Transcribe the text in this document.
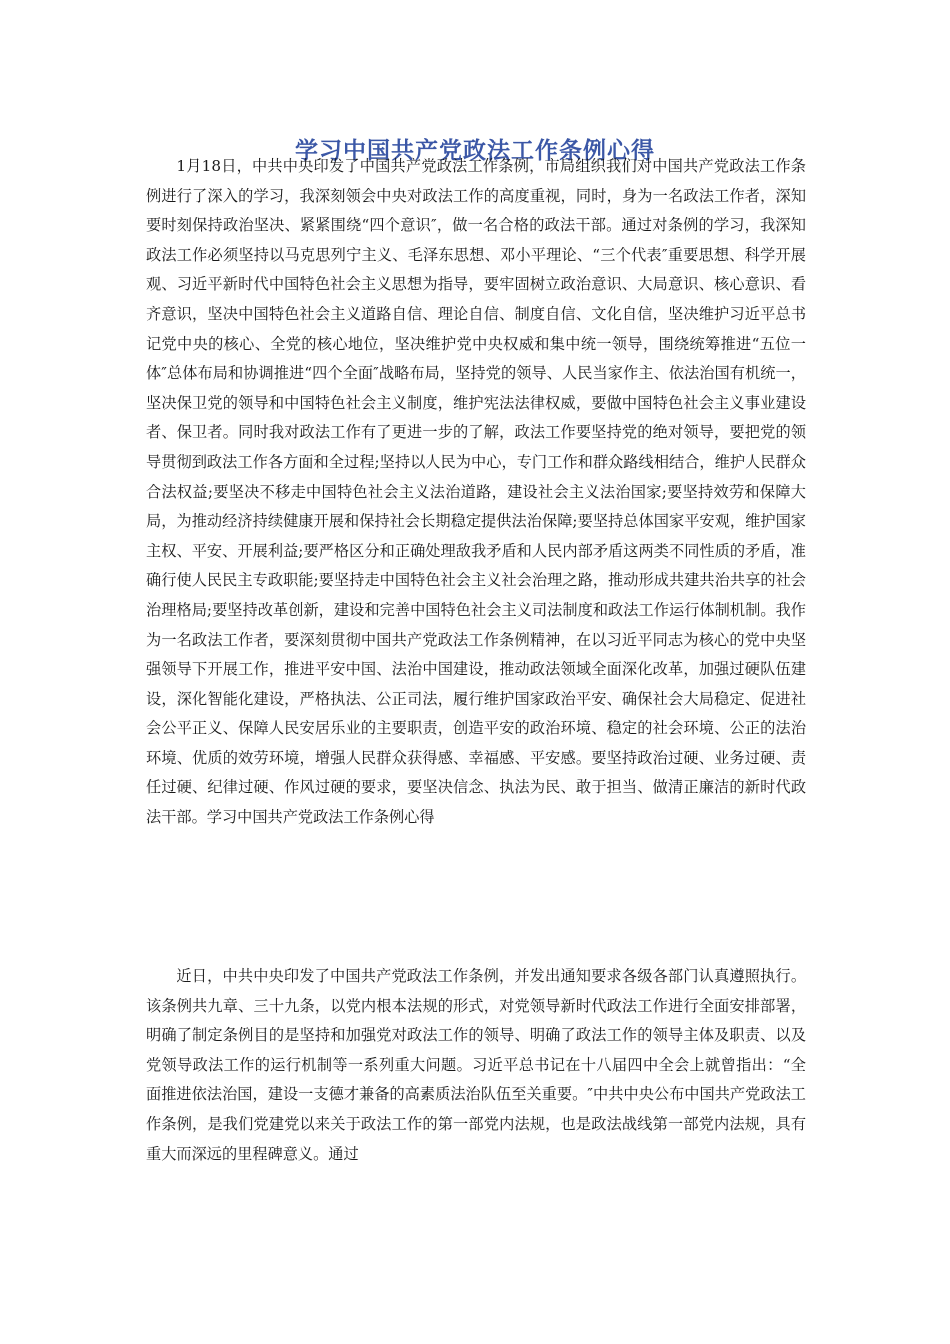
学习中国共产党政法工作条例心得

1月18日，中共中央印发了中国共产党政法工作条例，市局组织我们对中国共产党政法工作条例进行了深入的学习，我深刻领会中央对政法工作的高度重视，同时，身为一名政法工作者，深知要时刻保持政治坚决、紧紧围绕“四个意识″，做一名合格的政法干部。通过对条例的学习，我深知政法工作必须坚持以马克思列宁主义、毛泽东思想、邓小平理论、“三个代表″重要思想、科学开展观、习近平新时代中国特色社会主义思想为指导，要牢固树立政治意识、大局意识、核心意识、看齐意识，坚决中国特色社会主义道路自信、理论自信、制度自信、文化自信，坚决维护习近平总书记党中央的核心、全党的核心地位，坚决维护党中央权威和集中统一领导，围绕统筹推进“五位一体″总体布局和协调推进“四个全面″战略布局，坚持党的领导、人民当家作主、依法治国有机统一，坚决保卫党的领导和中国特色社会主义制度，维护宪法法律权威，要做中国特色社会主义事业建设者、保卫者。同时我对政法工作有了更进一步的了解，政法工作要坚持党的绝对领导，要把党的领导贯彻到政法工作各方面和全过程;坚持以人民为中心，专门工作和群众路线相结合，维护人民群众合法权益;要坚决不移走中国特色社会主义法治道路，建设社会主义法治国家;要坚持效劳和保障大局，为推动经济持续健康开展和保持社会长期稳定提供法治保障;要坚持总体国家平安观，维护国家主权、平安、开展利益;要严格区分和正确处理敌我矛盾和人民内部矛盾这两类不同性质的矛盾，准确行使人民民主专政职能;要坚持走中国特色社会主义社会治理之路，推动形成共建共治共享的社会治理格局;要坚持改革创新，建设和完善中国特色社会主义司法制度和政法工作运行体制机制。我作为一名政法工作者，要深刻贯彻中国共产党政法工作条例精神，在以习近平同志为核心的党中央坚强领导下开展工作，推进平安中国、法治中国建设，推动政法领域全面深化改革，加强过硬队伍建设，深化智能化建设，严格执法、公正司法，履行维护国家政治平安、确保社会大局稳定、促进社会公平正义、保障人民安居乐业的主要职责，创造平安的政治环境、稳定的社会环境、公正的法治环境、优质的效劳环境，增强人民群众获得感、幸福感、平安感。要坚持政治过硬、业务过硬、责任过硬、纪律过硬、作风过硬的要求，要坚决信念、执法为民、敢于担当、做清正廉洁的新时代政法干部。学习中国共产党政法工作条例心得

近日，中共中央印发了中国共产党政法工作条例，并发出通知要求各级各部门认真遵照执行。该条例共九章、三十九条，以党内根本法规的形式，对党领导新时代政法工作进行全面安排部署，明确了制定条例目的是坚持和加强党对政法工作的领导、明确了政法工作的领导主体及职责、以及党领导政法工作的运行机制等一系列重大问题。习近平总书记在十八届四中全会上就曾指出：“全面推进依法治国，建设一支德才兼备的高素质法治队伍至关重要。″中共中央公布中国共产党政法工作条例，是我们党建党以来关于政法工作的第一部党内法规，也是政法战线第一部党内法规，具有重大而深远的里程碑意义。通过
